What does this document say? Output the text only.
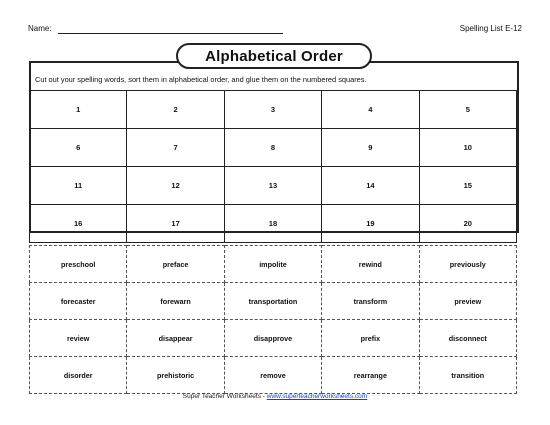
Name:	Spelling List E-12
Alphabetical Order
Cut out your spelling words, sort them in alphabetical order, and glue them on the numbered squares.
1	2	3	4	5
6	7	8	9	10
11	12	13	14	15
16	17	18	19	20
preschool	preface	impolite	rewind	previously
forecaster	forewarn	transportation	transform	preview
review	disappear	disapprove	prefix	disconnect
disorder	prehistoric	remove	rearrange	transition
Super Teacher Worksheets - www.superteacherworksheets.com
